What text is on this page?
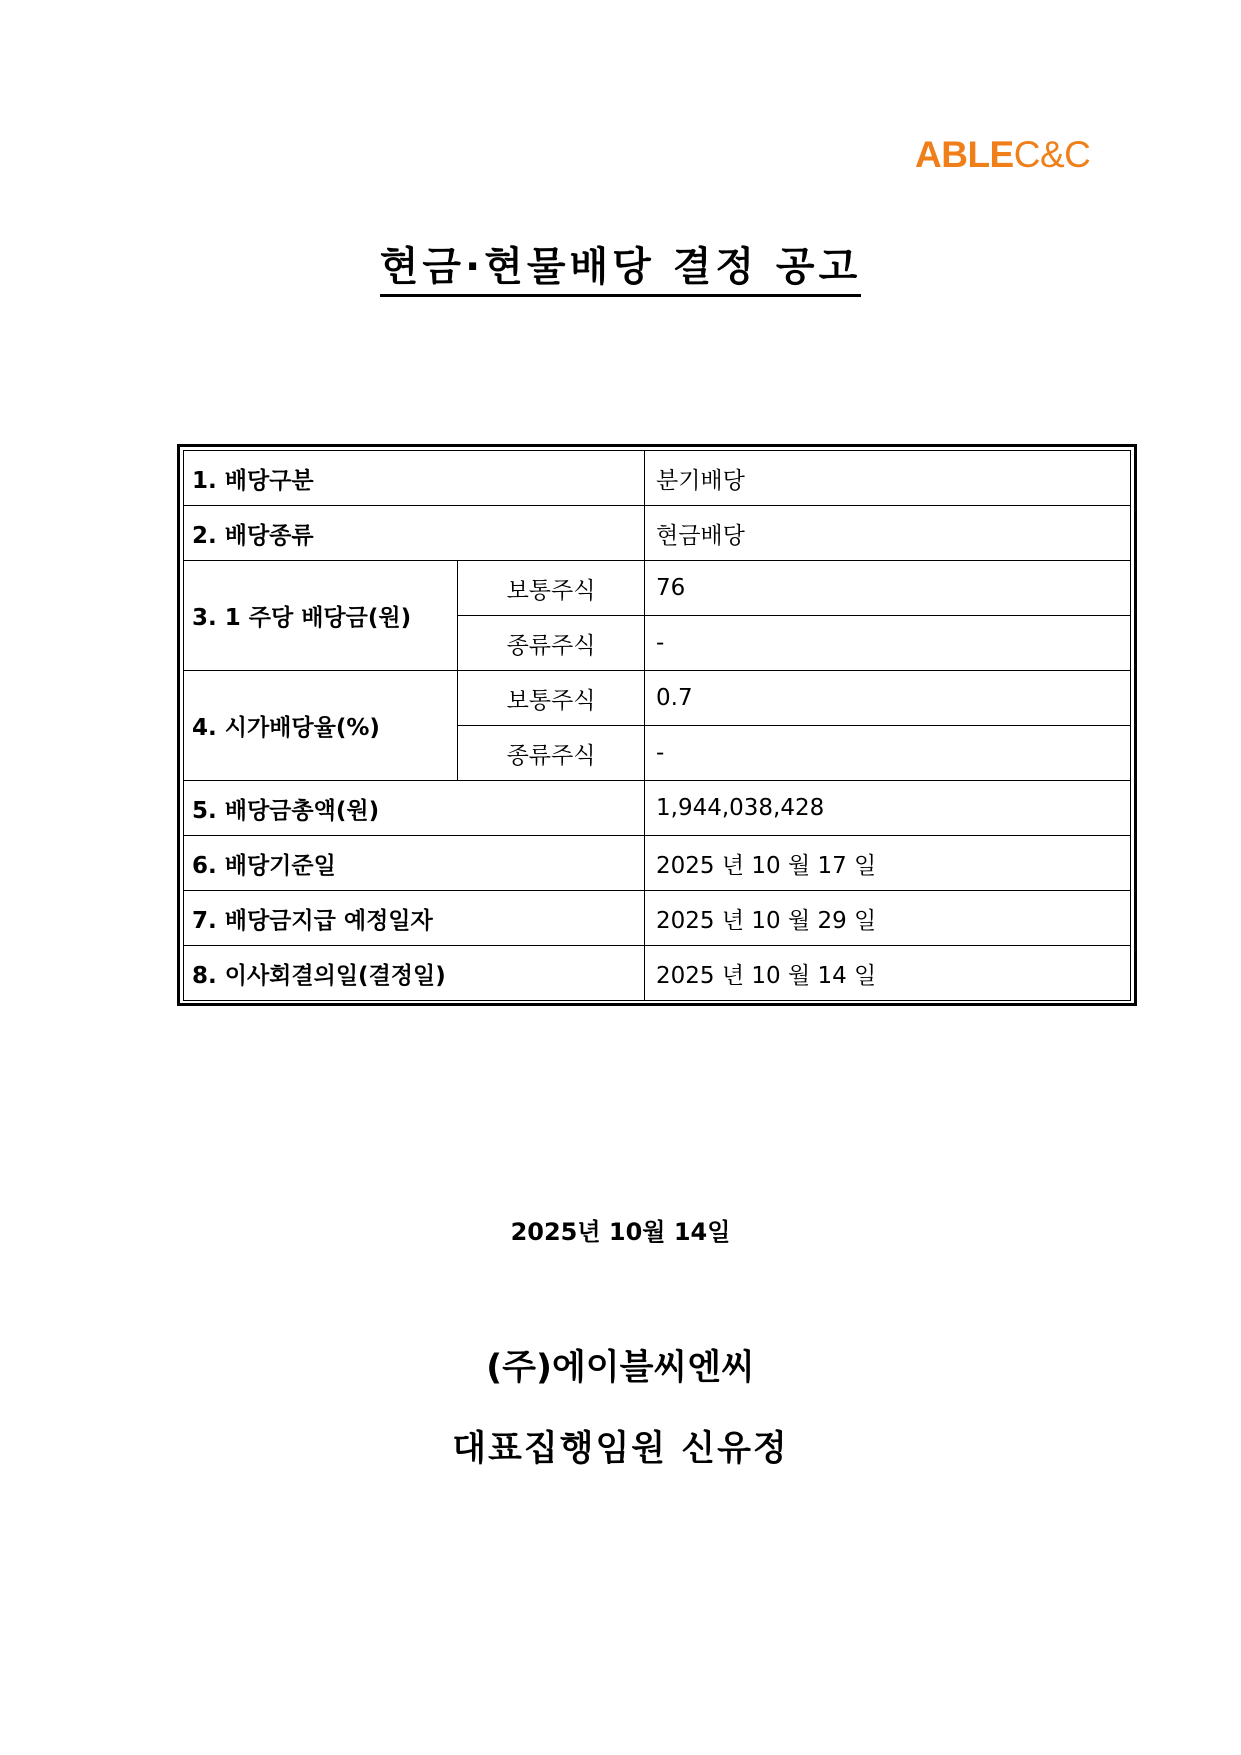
ABLEC&C
현금·현물배당 결정 공고
1. 배당구분		분기배당
2. 배당종류		현금배당
3. 1 주당 배당금(원)	보통주식	76
	종류주식	-
4. 시가배당율(%)	보통주식	0.7
	종류주식	-
5. 배당금총액(원)		1,944,038,428
6. 배당기준일		2025 년 10 월 17 일
7. 배당금지급 예정일자		2025 년 10 월 29 일
8. 이사회결의일(결정일)		2025 년 10 월 14 일
2025년 10월 14일
(주)에이블씨엔씨
대표집행임원 신유정
